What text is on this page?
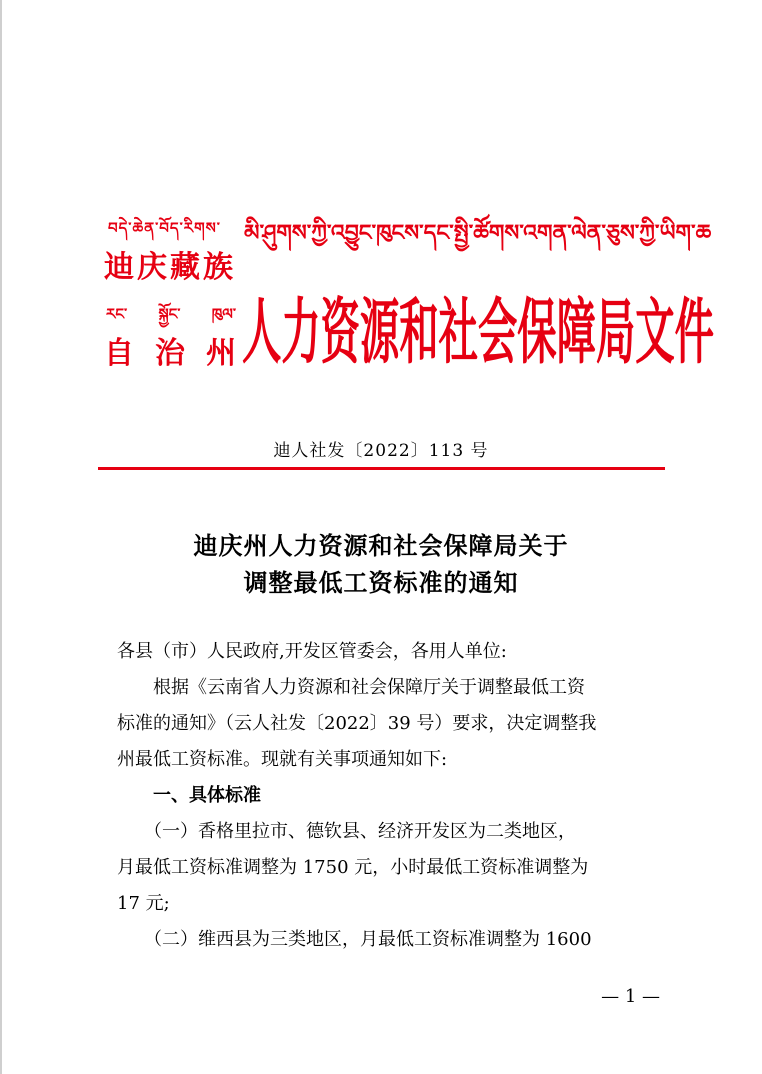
བདེ་ཆེན་བོད་རིགས་
迪庆藏族
རང་ སྐྱོང་ ཁུལ་
自 治 州
མི་ཤུགས་ཀྱི་འབྱུང་ཁུངས་དང་སྤྱི་ཚོགས་འགན་ལེན་ཅུས་ཀྱི་ཡིག་ཆ
人力资源和社会保障局文件
迪人社发〔2022〕113 号
迪庆州人力资源和社会保障局关于
调整最低工资标准的通知
各县（市）人民政府,开发区管委会，各用人单位:
　　根据《云南省人力资源和社会保障厅关于调整最低工资
标准的通知》（云人社发〔2022〕39 号）要求，决定调整我
州最低工资标准。现就有关事项通知如下:
　　一、具体标准
　　（一）香格里拉市、德钦县、经济开发区为二类地区，
月最低工资标准调整为 1750 元，小时最低工资标准调整为
17 元;
　　（二）维西县为三类地区，月最低工资标准调整为 1600
— 1 —
